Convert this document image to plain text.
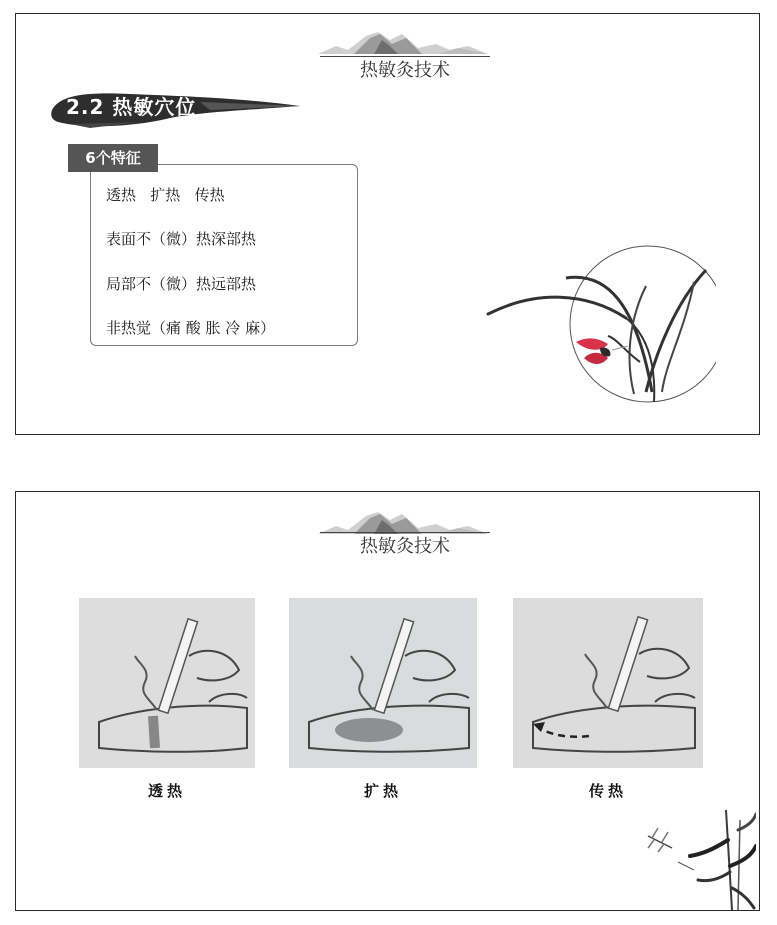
热敏灸技术
2.2 热敏穴位
6个特征
透热   扩热   传热
表面不（微）热深部热
局部不（微）热远部热
非热觉（痛 酸 胀 冷 麻）
热敏灸技术
透热	扩热	传热
